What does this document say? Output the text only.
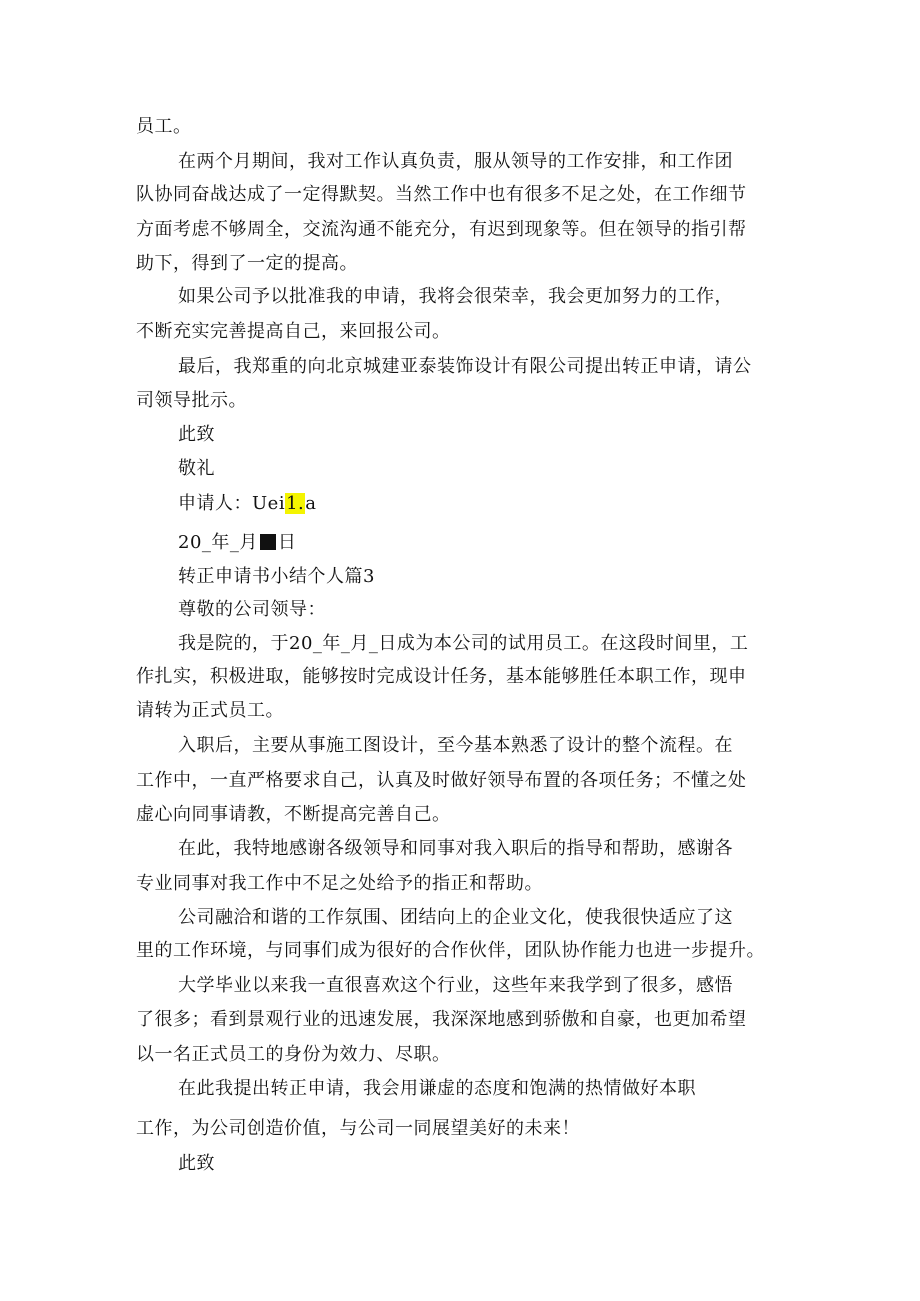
员工。
在两个月期间，我对工作认真负责，服从领导的工作安排，和工作团
队协同奋战达成了一定得默契。当然工作中也有很多不足之处，在工作细节
方面考虑不够周全，交流沟通不能充分，有迟到现象等。但在领导的指引帮
助下，得到了一定的提高。
如果公司予以批准我的申请，我将会很荣幸，我会更加努力的工作，
不断充实完善提高自己，来回报公司。
最后，我郑重的向北京城建亚泰装饰设计有限公司提出转正申请，请公
司领导批示。
此致
敬礼
申请人：Uei1.a
20_年_月 日
转正申请书小结个人篇3
尊敬的公司领导：
我是院的，于20_年_月_日成为本公司的试用员工。在这段时间里，工
作扎实，积极进取，能够按时完成设计任务，基本能够胜任本职工作，现申
请转为正式员工。
入职后，主要从事施工图设计，至今基本熟悉了设计的整个流程。在
工作中，一直严格要求自己，认真及时做好领导布置的各项任务；不懂之处
虚心向同事请教，不断提高完善自己。
在此，我特地感谢各级领导和同事对我入职后的指导和帮助，感谢各
专业同事对我工作中不足之处给予的指正和帮助。
公司融洽和谐的工作氛围、团结向上的企业文化，使我很快适应了这
里的工作环境，与同事们成为很好的合作伙伴，团队协作能力也进一步提升。
大学毕业以来我一直很喜欢这个行业，这些年来我学到了很多，感悟
了很多；看到景观行业的迅速发展，我深深地感到骄傲和自豪，也更加希望
以一名正式员工的身份为效力、尽职。
在此我提出转正申请，我会用谦虚的态度和饱满的热情做好本职
工作，为公司创造价值，与公司一同展望美好的未来！
此致
